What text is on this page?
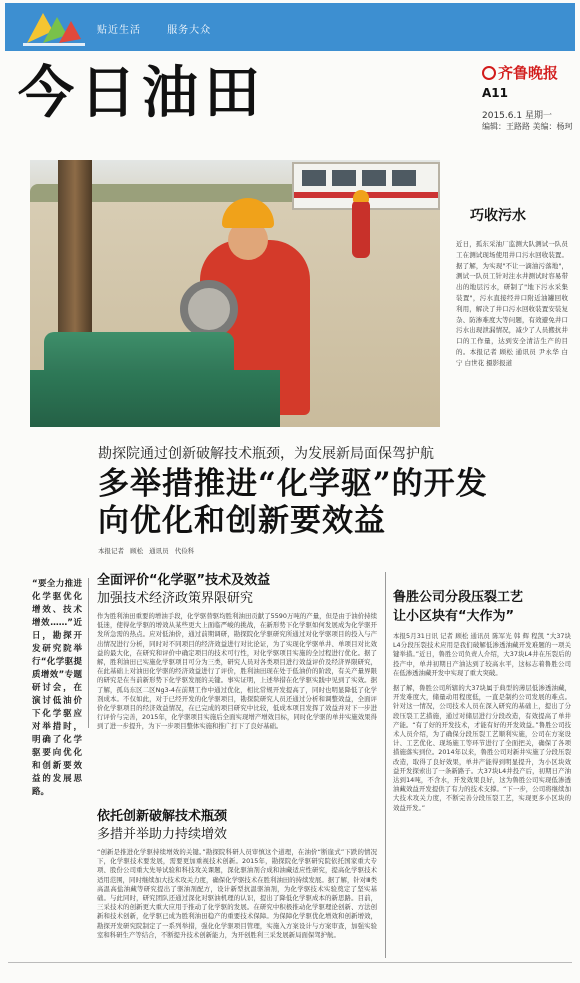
贴近生活	服务大众
今日油田	齐鲁晚报
A11
2015.6.1 星期一
编辑：王路路 美编：杨珂
巧收污水
近日，孤东采油厂监测大队测试一队员工在测试现场使用井口污水回收装置。据了解，为实现"不让一滴油污落地"，测试一队员工针对注水井测试时容易带出的地层污水，研制了"地下污水采集装置"，污水直接经井口附近油罐回收利用，解决了井口污水回收装置安装复杂、防渗难度大等问题，有效避免井口污水出现泄漏情况，减少了人员搬抗井口的工作量，达到安全清洁生产的目的。本报记者 顾松 通讯员 尹永华 白宁 白世花 摄影报道
勘探院通过创新破解技术瓶颈，为发展新局面保驾护航
多举措推进“化学驱”的开发
向优化和创新要效益
本报记者 顾松 通讯员 代俭科
“要全力推进化学驱优化增效、技术增效……”近日，勘探开发研究院举行“化学驱提质增效”专题研讨会，在演讨低油价下化学驱应对举措时，明确了化学驱要向优化和创新要效益的发展思路。
全面评价“化学驱”技术及效益
加强技术经济政策界限研究
作为胜利油田重要的增油手段，化学驱替驱均胜利油田贡献了5590万吨的产量，但是由于油价持续低迷，使得化学驱的增效从某些更大上面临严峻的挑战，在新形势下化学驱如何发展成为化学驱开发所急需的热点。应对低油价，通过前期调研，勘探院化学驱研究所通过对化学驱项目的投入与产出情况进行分析，同时对不同项目的经济效益进行对比论证，为了实现化学驱单井、单项目对比效益的最大化，在研究和评价中确定项目的技术可行性，对化学驱项目实施的全过程进行优化。据了解，胜利油田已实施化学驱项目可分为三类，研究人员对各类项目进行效益评价及经济界限研究，在此基础上对油田化学驱的经济效益进行了评价，胜利油田现在处于低油价的阶段，有关产量界限的研究是在当前新形势下化学驱发展的关键。事实证明，上述举措在化学驱实践中见到了实效。据了解，孤岛东区二区Ng3-4在前期工作中通过优化，相比常规开发提高了，同时也明显降低了化学剂成本。不仅如此，对于已经开发的化学驱项目，勘探院研究人员还通过分析和调整效益，全面评价化学驱项目的经济效益情况，在已完成的项目研究中比较，低成本项目发挥了效益并对下一步进行评价与完善，2015年，化学驱项目实施后全面实现增产增效目标，同时化学驱的单井实施效果得到了进一步提升，为下一步项目整体实施和推广打下了良好基础。
依托创新破解技术瓶颈
多措并举助力持续增效
“创新是推进化学驱持续增效的关键。”勘探院科研人员审慎这个道理，在油价“断崖式”下跌的情况下，化学驱技术要发展，需要更加重视技术创新。2015年，勘探院化学驱研究院依托国家重大专项、股份公司重大先导试验和科技攻关课题，深化驱油剂合成和油藏适应性研究，提高化学驱技术适用范围，同时继续加大技术攻关力度，确保化学驱技术在胜利油田的持续发展。据了解，针对Ⅲ类高温高盐油藏等研究提出了驱油剂配方，设计新型抗温驱油剂，为化学驱技术实验奠定了坚实基础。与此同时，研究团队还通过深化对驱油机理的认识，提出了降低化学驱成本的新思路。目前，三采技术的创新更大重大应用于推动了化学驱的发展。在研究中积极推动化学驱理论创新、方法创新和技术创新，化学驱已成为胜利油田稳产的重要技术保障。为保障化学驱优化增效和创新增效，勘探开发研究院制定了一系列举措，强化化学驱项目管理，实施入方案设计与方案审查，加强实验室和科研生产等结合，不断提升技术创新能力，为开创胜利三采发展新局面保驾护航。
鲁胜公司分段压裂工艺
让小区块有“大作为”
本报5月31日讯 记者 顾松 通讯员 陈军光 韩 辉 程凯 “大37块L4分段压裂技术应用是我们破解低渗透油藏开发难题的一项关键举措。”近日，鲁胜公司负责人介绍，大37块L4井在压裂后的投产中，单井初期日产油达到了较高水平，这标志着鲁胜公司在低渗透油藏开发中实现了重大突破。
据了解，鲁胜公司所辖的大37块属于典型的薄层低渗透油藏，开发难度大，储量动用程度低，一直是制约公司发展的难点。针对这一情况，公司技术人员在深入研究的基础上，提出了分段压裂工艺措施，通过对储层进行分段改造，有效提高了单井产能。“有了好的开发技术，才能有好的开发效益。”鲁胜公司技术人员介绍，为了确保分段压裂工艺顺利实施，公司在方案设计、工艺优化、现场施工等环节进行了全面把关，确保了各项措施落实到位。2014年以来，鲁胜公司对新井实施了分段压裂改造，取得了良好效果，单井产能得到明显提升，为小区块效益开发探索出了一条新路子。大37块L4井投产后，初期日产油达到14吨，不含水，开发效果良好，这为鲁胜公司实现低渗透油藏效益开发提供了有力的技术支撑。“下一步，公司将继续加大技术攻关力度，不断完善分段压裂工艺，实现更多小区块的效益开发。”
